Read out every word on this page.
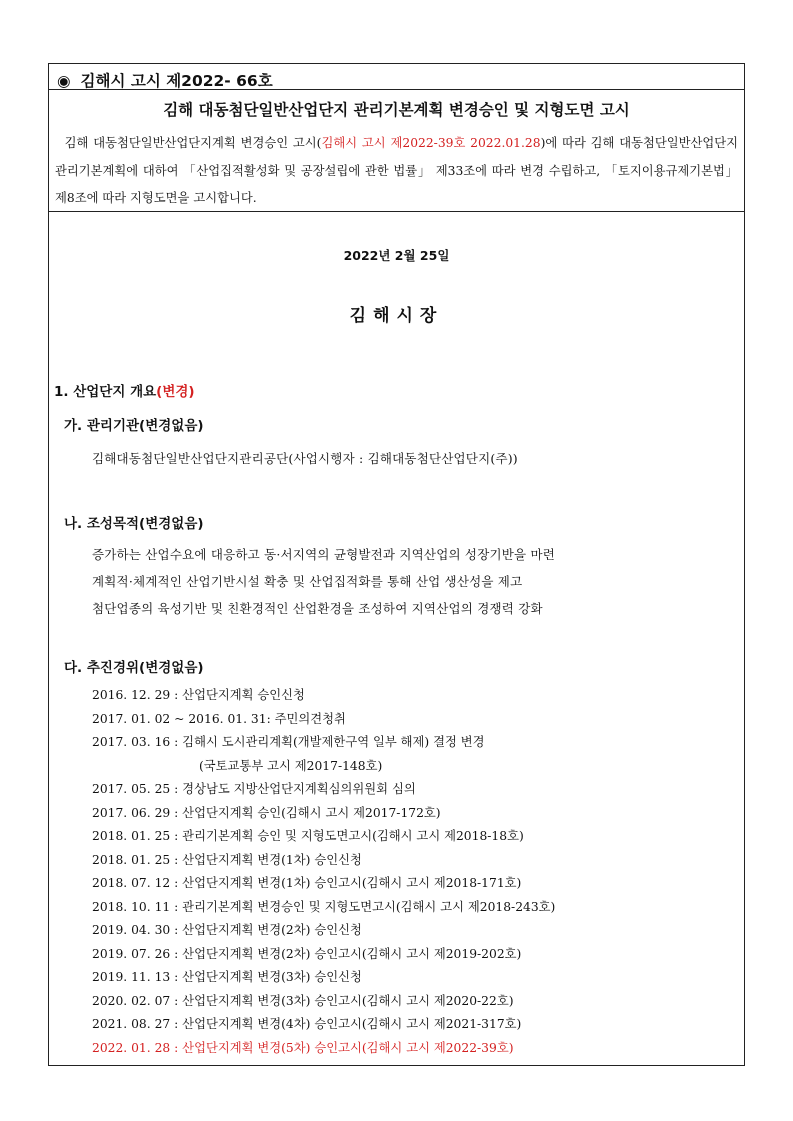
◉ 김해시 고시 제2022- 66호
김해 대동첨단일반산업단지 관리기본계획 변경승인 및 지형도면 고시

김해 대동첨단일반산업단지계획 변경승인 고시(김해시 고시 제2022-39호 2022.01.28)에 따라 김해 대동첨단일반산업단지 관리기본계획에 대하여 「산업집적활성화 및 공장설립에 관한 법률」 제33조에 따라 변경 수립하고, 「토지이용규제기본법」 제8조에 따라 지형도면을 고시합니다.

2022년 2월 25일
김해시장
1. 산업단지 개요(변경)
가. 관리기관(변경없음)
김해대동첨단일반산업단지관리공단(사업시행자 : 김해대동첨단산업단지(주))
나. 조성목적(변경없음)
증가하는 산업수요에 대응하고 동·서지역의 균형발전과 지역산업의 성장기반을 마련
계획적·체계적인 산업기반시설 확충 및 산업집적화를 통해 산업 생산성을 제고
첨단업종의 육성기반 및 친환경적인 산업환경을 조성하여 지역산업의 경쟁력 강화
다. 추진경위(변경없음)
2016. 12. 29 : 산업단지계획 승인신청
2017. 01. 02 ~ 2016. 01. 31: 주민의견청취
2017. 03. 16 : 김해시 도시관리계획(개발제한구역 일부 해제) 결정 변경
(국토교통부 고시 제2017-148호)
2017. 05. 25 : 경상남도 지방산업단지계획심의위원회 심의
2017. 06. 29 : 산업단지계획 승인(김해시 고시 제2017-172호)
2018. 01. 25 : 관리기본계획 승인 및 지형도면고시(김해시 고시 제2018-18호)
2018. 01. 25 : 산업단지계획 변경(1차) 승인신청
2018. 07. 12 : 산업단지계획 변경(1차) 승인고시(김해시 고시 제2018-171호)
2018. 10. 11 : 관리기본계획 변경승인 및 지형도면고시(김해시 고시 제2018-243호)
2019. 04. 30 : 산업단지계획 변경(2차) 승인신청
2019. 07. 26 : 산업단지계획 변경(2차) 승인고시(김해시 고시 제2019-202호)
2019. 11. 13 : 산업단지계획 변경(3차) 승인신청
2020. 02. 07 : 산업단지계획 변경(3차) 승인고시(김해시 고시 제2020-22호)
2021. 08. 27 : 산업단지계획 변경(4차) 승인고시(김해시 고시 제2021-317호)
2022. 01. 28 : 산업단지계획 변경(5차) 승인고시(김해시 고시 제2022-39호)
